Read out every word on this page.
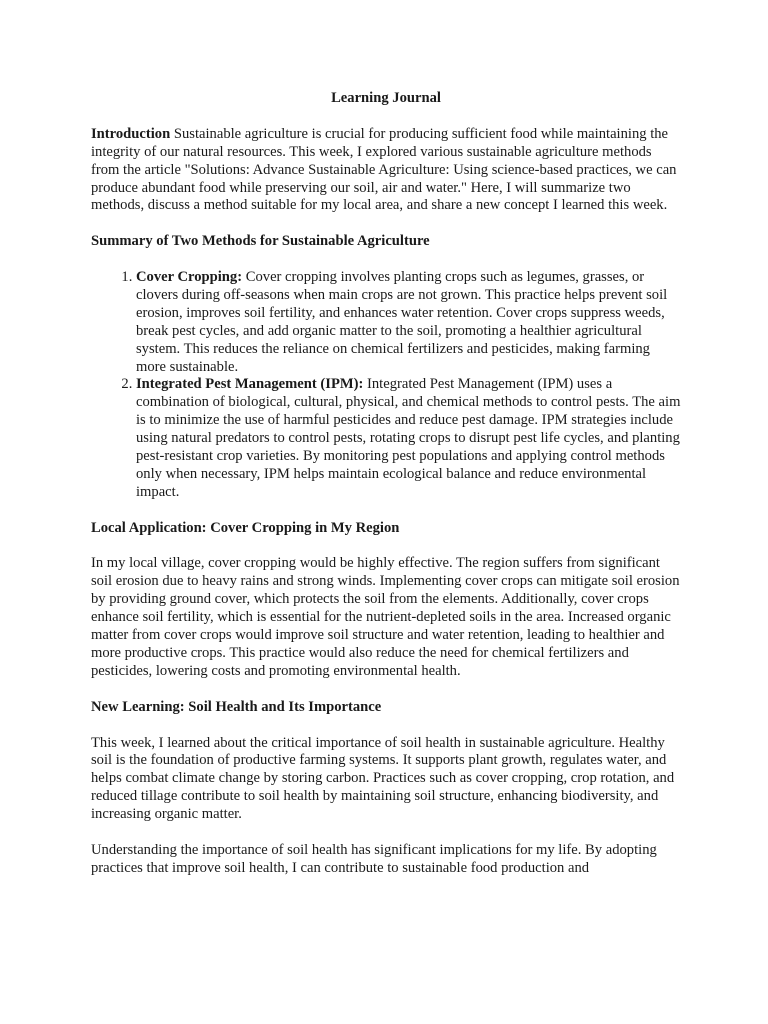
Learning Journal

Introduction Sustainable agriculture is crucial for producing sufficient food while maintaining the integrity of our natural resources. This week, I explored various sustainable agriculture methods from the article "Solutions: Advance Sustainable Agriculture: Using science-based practices, we can produce abundant food while preserving our soil, air and water." Here, I will summarize two methods, discuss a method suitable for my local area, and share a new concept I learned this week.

Summary of Two Methods for Sustainable Agriculture

1. Cover Cropping: Cover cropping involves planting crops such as legumes, grasses, or clovers during off-seasons when main crops are not grown. This practice helps prevent soil erosion, improves soil fertility, and enhances water retention. Cover crops suppress weeds, break pest cycles, and add organic matter to the soil, promoting a healthier agricultural system. This reduces the reliance on chemical fertilizers and pesticides, making farming more sustainable.
2. Integrated Pest Management (IPM): Integrated Pest Management (IPM) uses a combination of biological, cultural, physical, and chemical methods to control pests. The aim is to minimize the use of harmful pesticides and reduce pest damage. IPM strategies include using natural predators to control pests, rotating crops to disrupt pest life cycles, and planting pest-resistant crop varieties. By monitoring pest populations and applying control methods only when necessary, IPM helps maintain ecological balance and reduce environmental impact.

Local Application: Cover Cropping in My Region

In my local village, cover cropping would be highly effective. The region suffers from significant soil erosion due to heavy rains and strong winds. Implementing cover crops can mitigate soil erosion by providing ground cover, which protects the soil from the elements. Additionally, cover crops enhance soil fertility, which is essential for the nutrient-depleted soils in the area. Increased organic matter from cover crops would improve soil structure and water retention, leading to healthier and more productive crops. This practice would also reduce the need for chemical fertilizers and pesticides, lowering costs and promoting environmental health.

New Learning: Soil Health and Its Importance

This week, I learned about the critical importance of soil health in sustainable agriculture. Healthy soil is the foundation of productive farming systems. It supports plant growth, regulates water, and helps combat climate change by storing carbon. Practices such as cover cropping, crop rotation, and reduced tillage contribute to soil health by maintaining soil structure, enhancing biodiversity, and increasing organic matter.

Understanding the importance of soil health has significant implications for my life. By adopting practices that improve soil health, I can contribute to sustainable food production and
